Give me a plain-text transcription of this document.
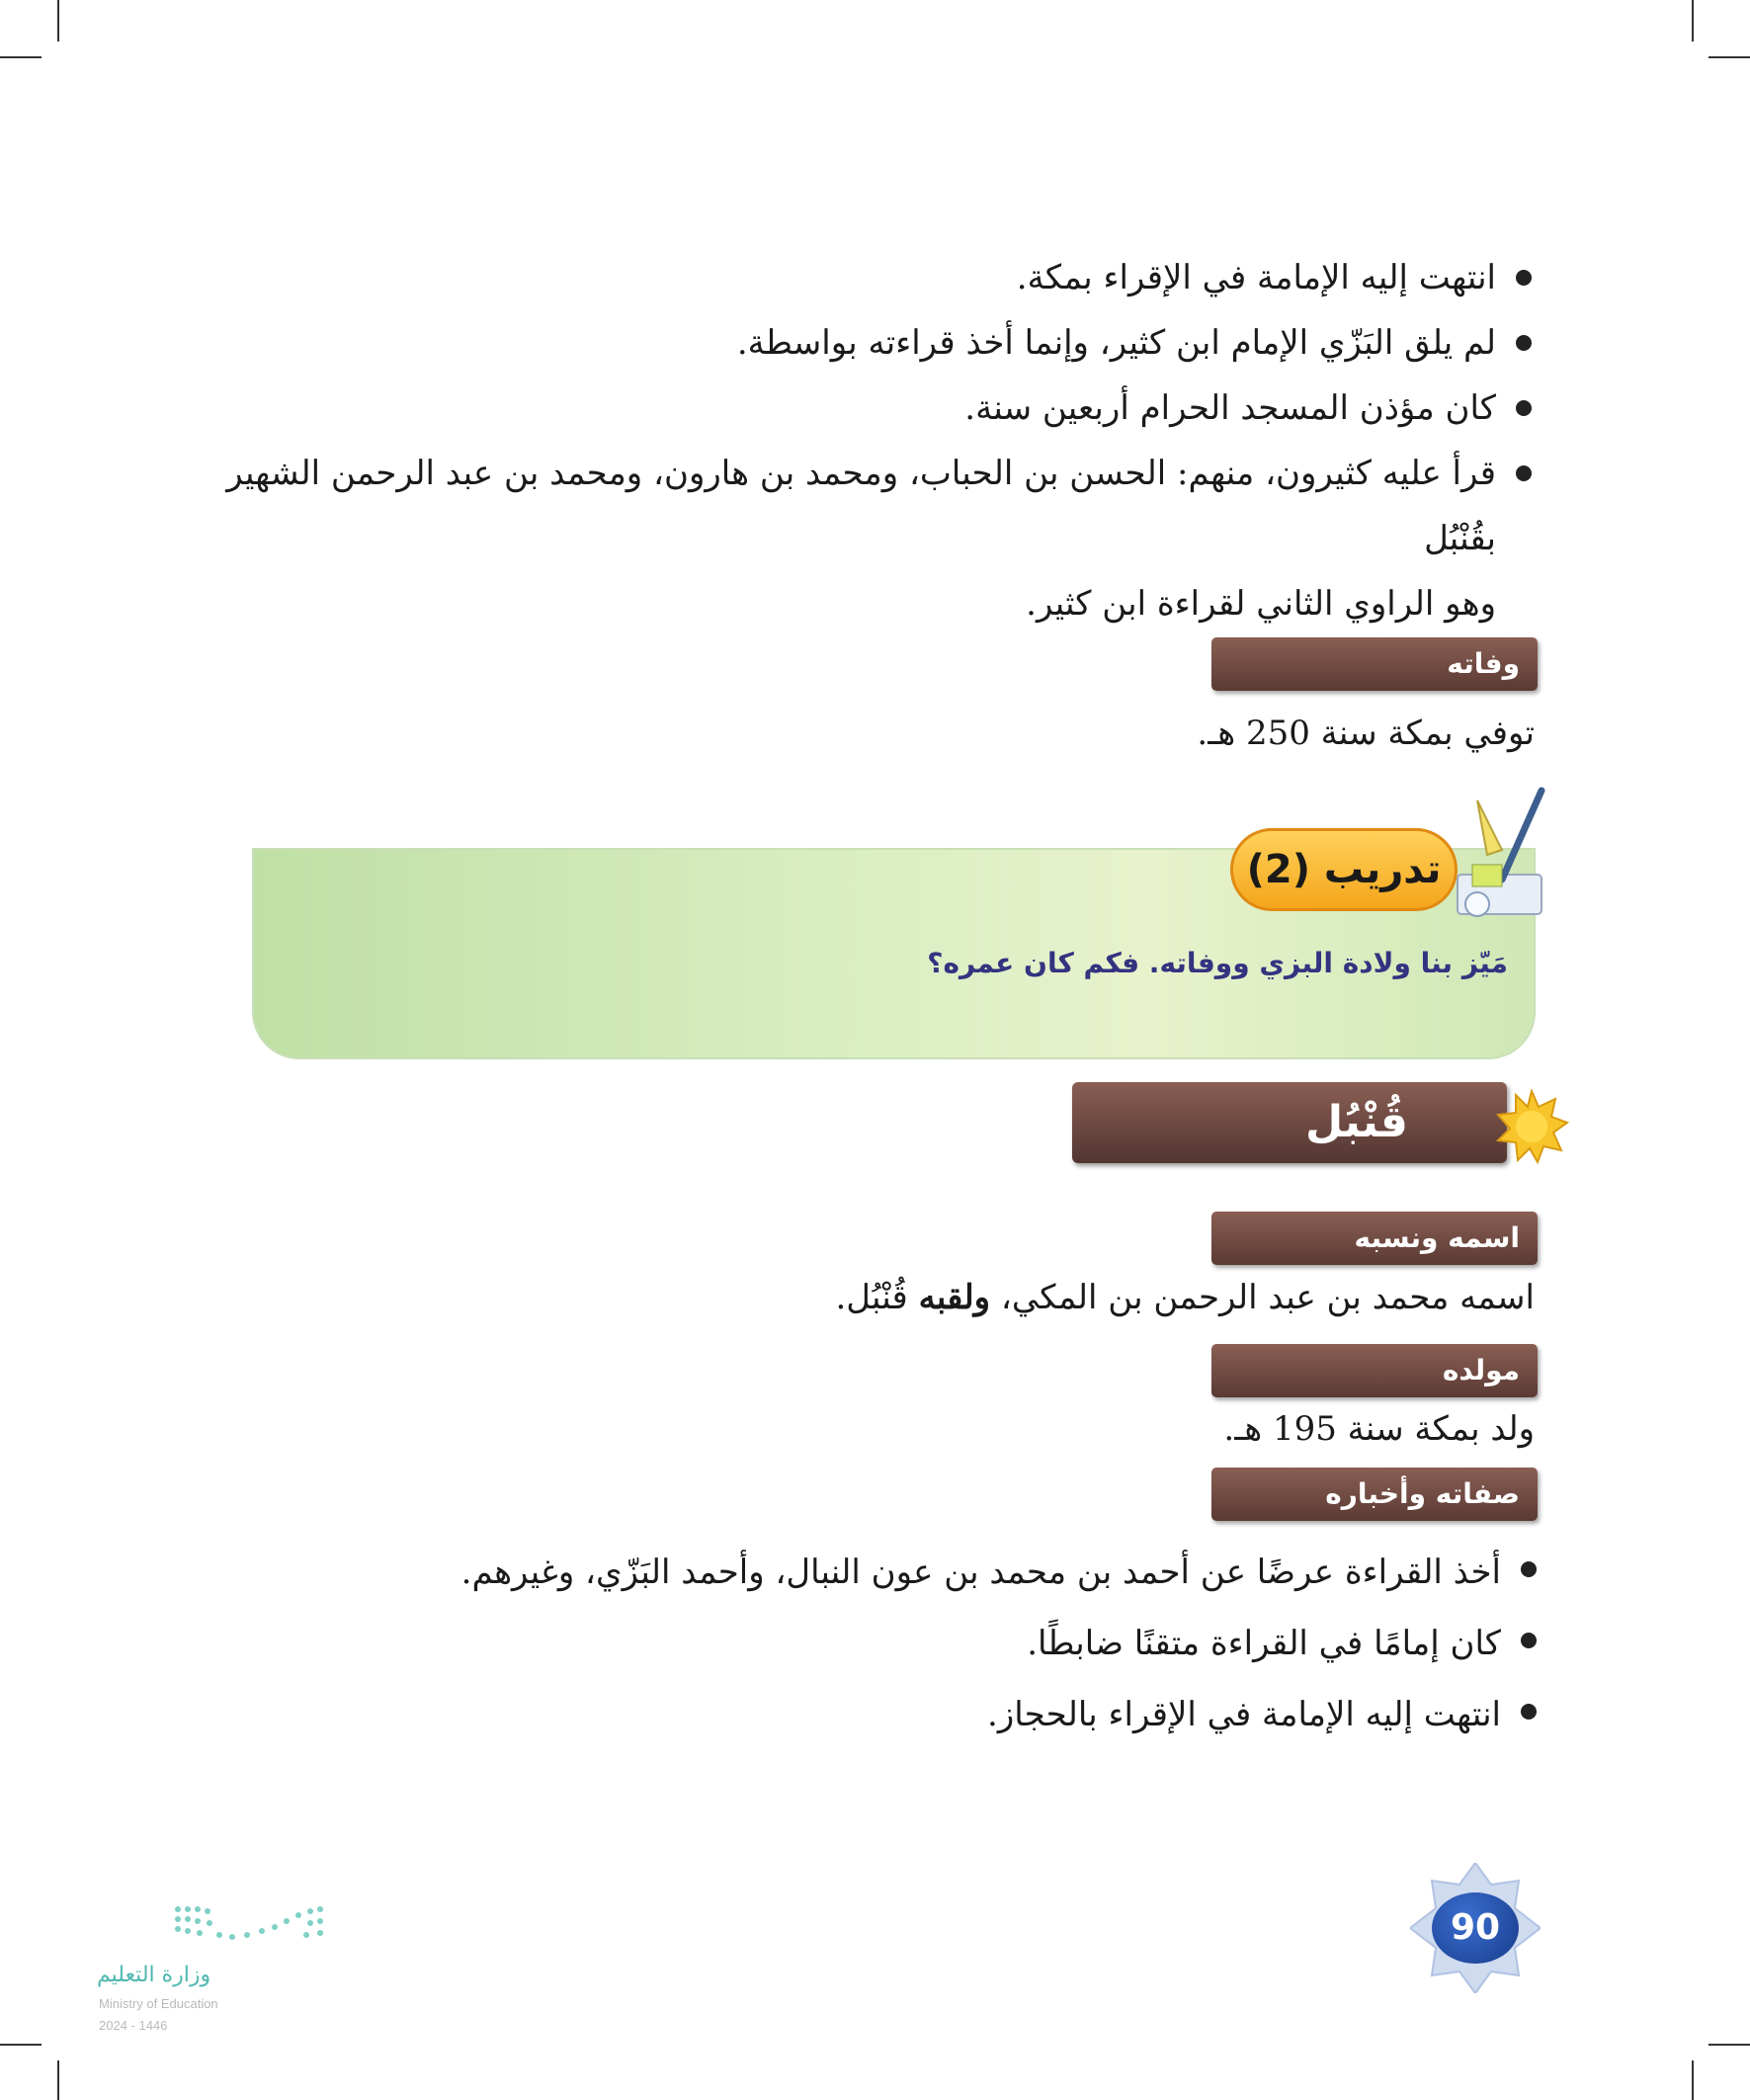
انتهت إليه الإمامة في الإقراء بمكة.
لم يلق البَزّي الإمام ابن كثير، وإنما أخذ قراءته بواسطة.
كان مؤذن المسجد الحرام أربعين سنة.
قرأ عليه كثيرون، منهم: الحسن بن الحباب، ومحمد بن هارون، ومحمد بن عبد الرحمن الشهير بقُنْبُل
وهو الراوي الثاني لقراءة ابن كثير.
وفاته
توفي بمكة سنة 250 هـ.
تدريب (2)
مَيّز بنا ولادة البزي ووفاته. فكم كان عمره؟
قُنْبُل
اسمه ونسبه
اسمه محمد بن عبد الرحمن بن المكي، ولقبه قُنْبُل.
مولده
ولد بمكة سنة 195 هـ.
صفاته وأخباره
أخذ القراءة عرضًا عن أحمد بن محمد بن عون النبال، وأحمد البَزّي، وغيرهم.
كان إمامًا في القراءة متقنًا ضابطًا.
انتهت إليه الإمامة في الإقراء بالحجاز.
90
وزارة التعليم
Ministry of Education
2024 - 1446
